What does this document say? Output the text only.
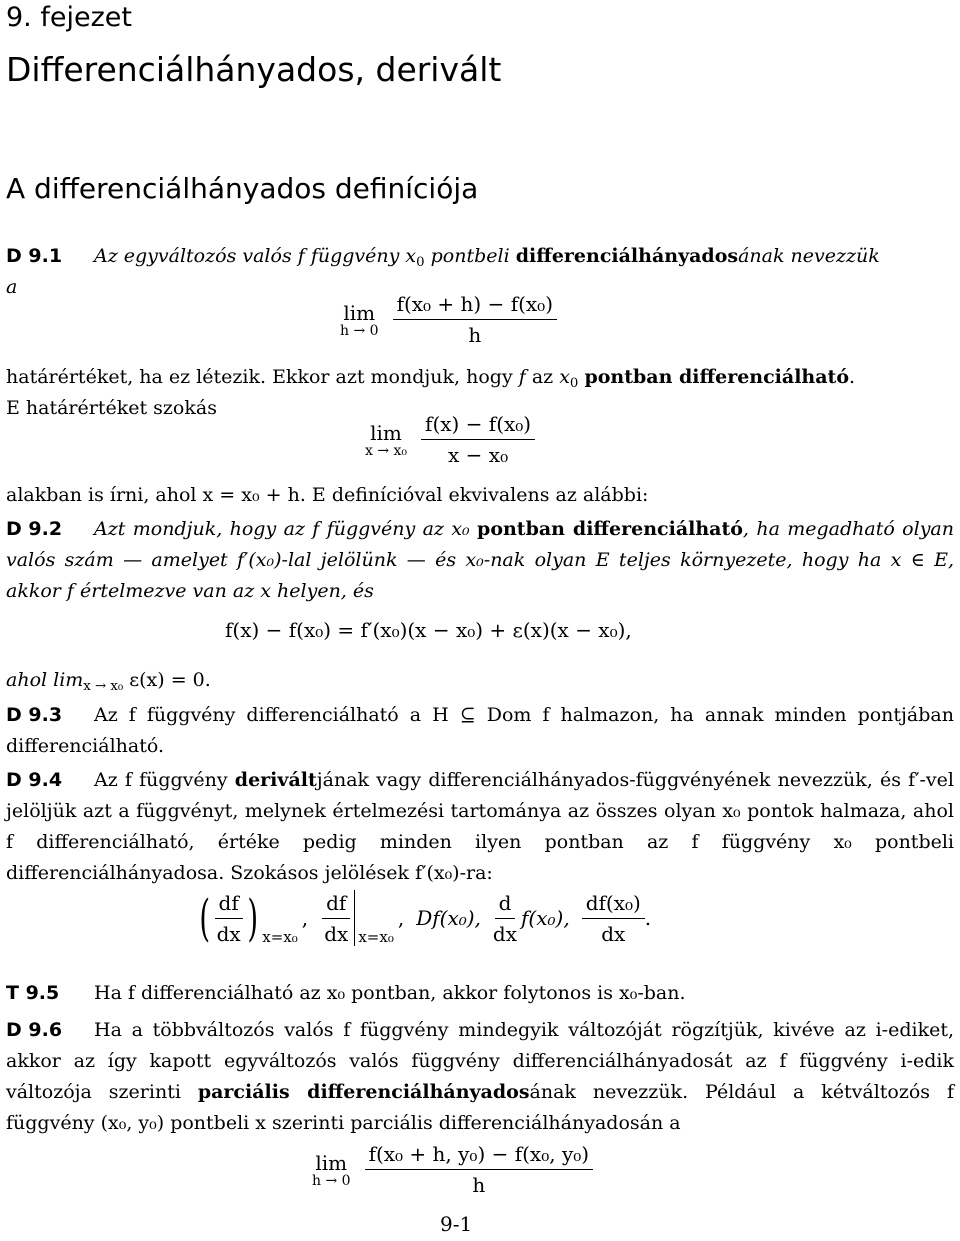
9. fejezet
Differenciálhányados, derivált
A differenciálhányados definíciója
D 9.1 Az egyváltozós valós f függvény $x_0$ pontbeli differenciálhányadosának nevezzük
a
lim
$h \to 0 \frac{\text{f(x₀ + h) − f(x₀)}}{h}$
határértéket, ha ez létezik. Ekkor azt mondjuk, hogy f az $x_0$ pontban differenciálható.
E határértéket szokás
lim
$x \to x_0 \frac{\text{f(x) − f(x₀)}}{\text{x − x₀}}$
alakban is írni, ahol x = x₀ + h. E definícióval ekvivalens az alábbi:
D 9.2 Azt mondjuk, hogy az f függvény az x₀ pontban differenciálható, ha megadható olyan valós szám — amelyet f′(x₀)-lal jelölünk — és x₀-nak olyan E teljes környezete, hogy ha x ∈ E, akkor f értelmezve van az x helyen, és
f(x) − f(x₀) = f′(x₀)(x − x₀) + ε(x)(x − x₀),
ahol $\lim_{x \to x_0} \varepsilon(x) = 0$.
D 9.3 Az f függvény differenciálható a H ⊆ Dom f halmazon, ha annak minden pontjában differenciálható.
D 9.4 Az f függvény deriváltjának vagy differenciálhányados-függvényének nevezzük, és f′-vel jelöljük azt a függvényt, melynek értelmezési tartománya az összes olyan x₀ pontok halmaza, ahol f differenciálható, értéke pedig minden ilyen pontban az f függvény x₀ pontbeli differenciálhányadosa. Szokásos jelölések f′(x₀)-ra:
( $\frac{df}{dx}$ ) x=x₀
, $\frac{df}{dx} x=x_0$
, Df(x₀), $\frac{d}{dx} f(x_0)$, $\frac{\text{df(x₀)}}{dx}$ .
T 9.5 Ha f differenciálható az x₀ pontban, akkor folytonos is x₀-ban.
D 9.6 Ha a többváltozós valós f függvény mindegyik változóját rögzítjük, kivéve az i-ediket, akkor az így kapott egyváltozós valós függvény differenciálhányadosát az f függvény i-edik változója szerinti parciális differenciálhányadosának nevezzük. Például a kétváltozós f függvény (x₀, y₀) pontbeli x szerinti parciális differenciálhányadosán a
lim
$h \to 0 \frac{\text{f(x₀ + h, y₀) − f(x₀, y₀)}}{h}$
9-1
